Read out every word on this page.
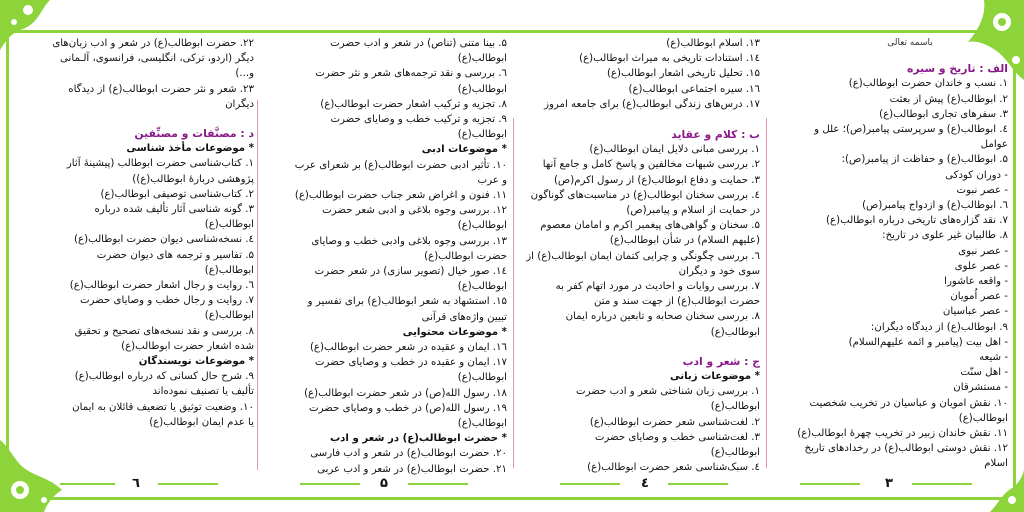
باسمه تعالی

الف : تاریخ و سیره

۱. نسب و خاندان حضرت ابوطالب(ع)

۲. ابوطالب(ع) پیش از بعثت

۳. سفرهای تجاری ابوطالب(ع)

٤. ابوطالب(ع) و سرپرستی پیامبر(ص)؛ علل و

عوامل

۵. ابوطالب(ع) و حفاظت از پیامبر(ص):

- دوران کودکی

- عصر نبوت

٦. ابوطالب(ع) و ازدواج پیامبر(ص)

۷. نقد گزارەهای تاریخی درباره ابوطالب(ع)

۸. طالبیان غیر علوی در تاریخ:

- عصر نبوی

- عصر علوی

- واقعه عاشورا

- عصر اُمویان

- عصر عباسیان

۹. ابوطالب(ع) از دیدگاه دیگران:

- اهل بیت (پیامبر و ائمه علیهم‌السلام)

- شیعه

- اهل سنّت

- مستشرقان

۱۰. نقش امویان و عباسیان در تخریب شخصیت

ابوطالب(ع)

۱۱. نقش خاندان زبیر در تخریب چهرهٔ ابوطالب(ع)

۱۲. نقش دوستی ابوطالب(ع) در رخدادهای تاریخ

اسلام

۱۳. اسلام ابوطالب(ع)

۱٤. استنادات تاریخی به میراث ابوطالب(ع)

۱۵. تحلیل تاریخی اشعار ابوطالب(ع)

۱٦. سیره اجتماعی ابوطالب(ع)

۱۷. درس‌های زندگی ابوطالب(ع) برای جامعه امروز

ب : کلام و عقاید

۱. بررسی مبانی دلایل ایمان ابوطالب(ع)

۲. بررسی شبهات مخالفین و پاسخ کامل و جامع آنها

۳. حمایت و دفاع ابوطالب(ع) از رسول اکرم(ص)

٤. بررسی سخنان ابوطالب(ع) در مناسبت‌های گوناگون

در حمایت از اسلام و پیامبر(ص)

۵. سخنان و گواهی‌های پیغمبر اکرم و امامان معصوم

(علیهم السلام) در شأن ابوطالب(ع)

٦. بررسی چگونگی و چرایی کتمان ایمان ابوطالب(ع) از

سوی خود و دیگران

۷. بررسی روایات و احادیث در مورد اتهام کفر به

حضرت ابوطالب(ع) از جهت سند و متن

۸. بررسی سخنان صحابه و تابعین درباره ایمان

ابوطالب(ع)

ج : شعر و ادب

* موضوعات زبانی

۱. بررسی زبان شناختی شعر و ادب حضرت

ابوطالب(ع)

۲. لغت‌شناسی شعر حضرت ابوطالب(ع)

۳. لغت‌شناسی خطب و وصایای حضرت

ابوطالب(ع)

٤. سبک‌شناسی شعر حضرت ابوطالب(ع)

۵. بینا متنی (تناص) در شعر و ادب حضرت

ابوطالب(ع)

٦. بررسی و نقد ترجمه‌های شعر و نثر حضرت

ابوطالب(ع)

۸. تجزیه و ترکیب اشعار حضرت ابوطالب(ع)

۹. تجزیه و ترکیب خطب و وصایای حضرت

ابوطالب(ع)

* موضوعات ادبی

۱۰. تأثیر ادبی حضرت ابوطالب(ع) بر شعرای عرب

و عرب

۱۱. فنون و اغراض شعر جناب حضرت ابوطالب(ع)

۱۲. بررسی وجوه بلاغی و ادبی شعر حضرت

ابوطالب(ع)

۱۳. بررسی وجوه بلاغی وادبی خطب و وصایای

حضرت ابوطالب(ع)

۱٤. صور خیال (تصویر سازی) در شعر حضرت

ابوطالب(ع)

۱۵. استشهاد به شعر ابوطالب(ع) برای تفسیر و

تبیین واژه‌های قرآنی

* موضوعات محتوایی

۱٦. ایمان و عقیده در شعر حضرت ابوطالب(ع)

۱۷. ایمان و عقیده در خطب و وصایای حضرت

ابوطالب(ع)

۱۸. رسول الله(ص) در شعر حضرت ابوطالب(ع)

۱۹. رسول الله(ص) در خطب و وصایای حضرت

ابوطالب(ع)

* حضرت ابوطالب(ع) در شعر و ادب

۲۰. حضرت ابوطالب(ع) در شعر و ادب فارسی

۲۱. حضرت ابوطالب(ع) در شعر و ادب عربی

۲۲. حضرت ابوطالب(ع) در شعر و ادب زبان‌های

دیگر (اردو، ترکی، انگلیسی، فرانسوی، آلـمانی

و...)

۲۳. شعر و نثر حضرت ابوطالب(ع) از دیدگاه

دیگران

د : مصنَّفات و مصنِّفین

* موضوعات مأخذ شناسی

۱. کتاب‌شناسی حضرت ابوطالب (پیشینهٔ آثار

پژوهشی دربارهٔ ابوطالب(ع))

۲. کتاب‌شناسی توصیفی ابوطالب(ع)

۳. گونه شناسی آثار تألیف شده درباره

ابوطالب(ع)

٤. نسخه‌شناسی دیوان حضرت ابوطالب(ع)

۵. تفاسیر و ترجمه های دیوان حضرت

ابوطالب(ع)

٦. روایت و رجال اشعار حضرت ابوطالب(ع)

۷. روایت و رجال خطب و وصایای حضرت

ابوطالب(ع)

۸. بررسی و نقد نسخه‌های تصحیح و تحقیق

شده اشعار حضرت ابوطالب(ع)

* موضوعات نویسندگان

۹. شرح حال کسانی که درباره ابوطالب(ع)

تألیف یا تصنیف نموده‌اند

۱۰. وضعیت توثیق یا تضعیف قائلان به ایمان

یا عدم ایمان ابوطالب(ع)

۳
٤
۵
٦
